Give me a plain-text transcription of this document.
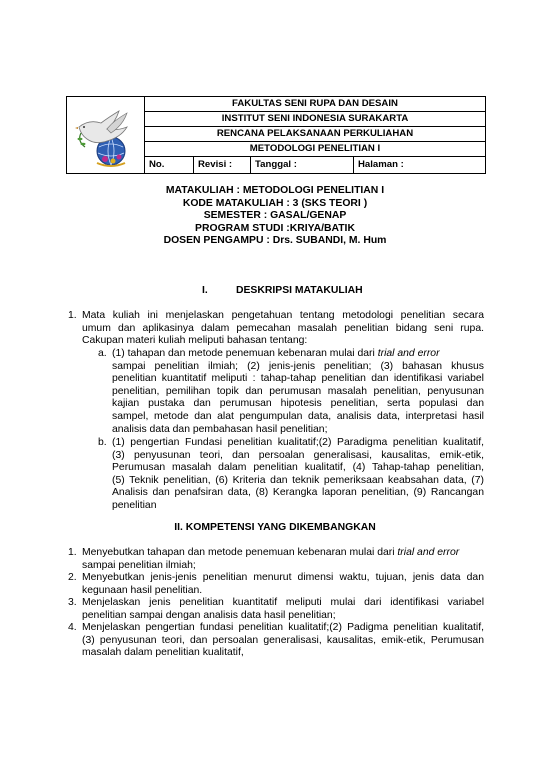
FAKULTAS SENI RUPA DAN DESAIN
INSTITUT SENI INDONESIA SURAKARTA
RENCANA PELAKSANAAN PERKULIAHAN
METODOLOGI PENELITIAN I
No.	Revisi :	Tanggal :	Halaman :
MATAKULIAH : METODOLOGI PENELITIAN I
KODE MATAKULIAH : 3 (SKS TEORI )
SEMESTER : GASAL/GENAP
PROGRAM STUDI :KRIYA/BATIK
DOSEN PENGAMPU : Drs. SUBANDI, M. Hum
I.	DESKRIPSI MATAKULIAH
1. Mata kuliah ini menjelaskan pengetahuan tentang metodologi penelitian secara
umum dan aplikasinya dalam pemecahan masalah penelitian bidang seni rupa.
Cakupan materi kuliah meliputi bahasan tentang:
a. (1) tahapan dan metode penemuan kebenaran mulai dari trial and error
sampai penelitian ilmiah; (2) jenis-jenis penelitian; (3) bahasan khusus
penelitian kuantitatif meliputi : tahap-tahap penelitian dan identifikasi variabel
penelitian, pemilihan topik dan perumusan masalah penelitian, penyusunan
kajian pustaka dan perumusan hipotesis penelitian, serta populasi dan
sampel, metode dan alat pengumpulan data, analisis data, interpretasi hasil
analisis data dan pembahasan hasil penelitian;
b. (1) pengertian Fundasi penelitian kualitatif;(2) Paradigma penelitian kualitatif,
(3) penyusunan teori, dan persoalan generalisasi, kausalitas, emik-etik,
Perumusan masalah dalam penelitian kualitatif, (4) Tahap-tahap penelitian,
(5) Teknik penelitian, (6) Kriteria dan teknik pemeriksaan keabsahan data, (7)
Analisis dan penafsiran data, (8) Kerangka laporan penelitian, (9) Rancangan
penelitian
II. KOMPETENSI YANG DIKEMBANGKAN
1. Menyebutkan tahapan dan metode penemuan kebenaran mulai dari trial and error
sampai penelitian ilmiah;
2. Menyebutkan jenis-jenis penelitian menurut dimensi waktu, tujuan, jenis data dan
kegunaan hasil penelitian.
3. Menjelaskan jenis penelitian kuantitatif meliputi mulai dari identifikasi variabel
penelitian sampai dengan analisis data hasil penelitian;
4. Menjelaskan pengertian fundasi penelitian kualitatif;(2) Padigma penelitian kualitatif,
(3) penyusunan teori, dan persoalan generalisasi, kausalitas, emik-etik, Perumusan
masalah dalam penelitian kualitatif,
